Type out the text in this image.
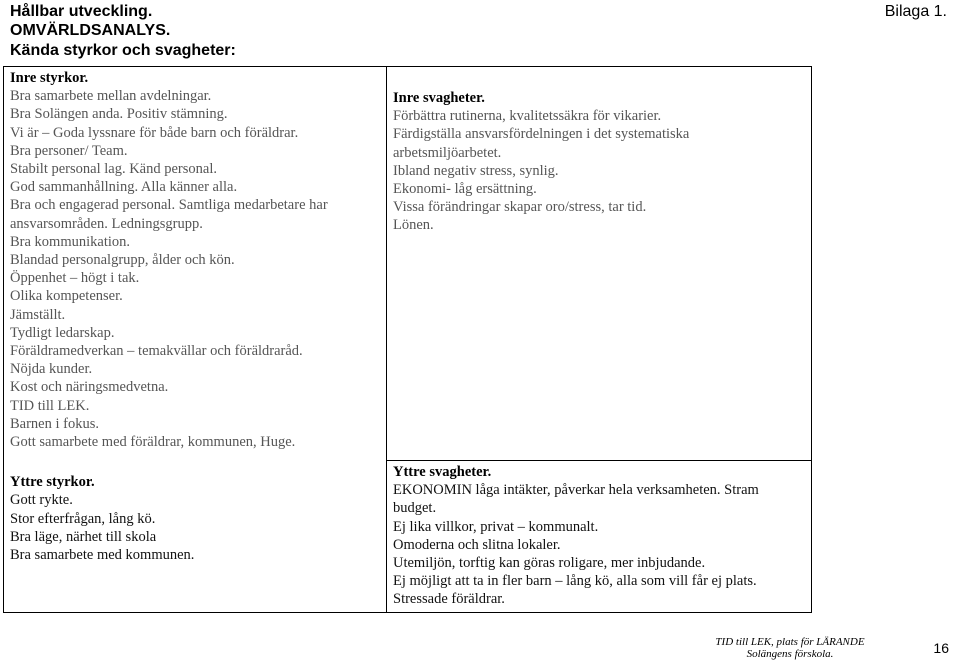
Hållbar utveckling.

OMVÄRLDSANALYS.

Kända styrkor och svagheter:

Bilaga 1.

Inre styrkor.

Bra samarbete mellan avdelningar.
Bra Solängen anda. Positiv stämning.
Vi är – Goda lyssnare för både barn och föräldrar.
Bra personer/ Team.
Stabilt personal lag. Känd personal.
God sammanhållning. Alla känner alla.
Bra och engagerad personal. Samtliga medarbetare har
ansvarsområden. Ledningsgrupp.
Bra kommunikation.
Blandad personalgrupp, ålder och kön.
Öppenhet – högt i tak.
Olika kompetenser.
Jämställt.
Tydligt ledarskap.
Föräldramedverkan – temakvällar och föräldraråd.
Nöjda kunder.
Kost och näringsmedvetna.
TID till LEK.
Barnen i fokus.
Gott samarbete med föräldrar, kommunen, Huge.

Yttre styrkor.

Gott rykte.
Stor efterfrågan, lång kö.
Bra läge, närhet till skola
Bra samarbete med kommunen.

Inre svagheter.

Förbättra rutinerna, kvalitetssäkra för vikarier.
Färdigställa ansvarsfördelningen i det systematiska
arbetsmiljöarbetet.
Ibland negativ stress, synlig.
Ekonomi- låg ersättning.
Vissa förändringar skapar oro/stress, tar tid.
Lönen.

Yttre svagheter.

EKONOMIN låga intäkter, påverkar hela verksamheten. Stram
budget.
Ej lika villkor, privat – kommunalt.
Omoderna och slitna lokaler.
Utemiljön, torftig kan göras roligare, mer inbjudande.
Ej möjligt att ta in fler barn – lång kö, alla som vill får ej plats.
Stressade föräldrar.
TID till LEK, plats för LÄRANDE
Solängens förskola.	16
